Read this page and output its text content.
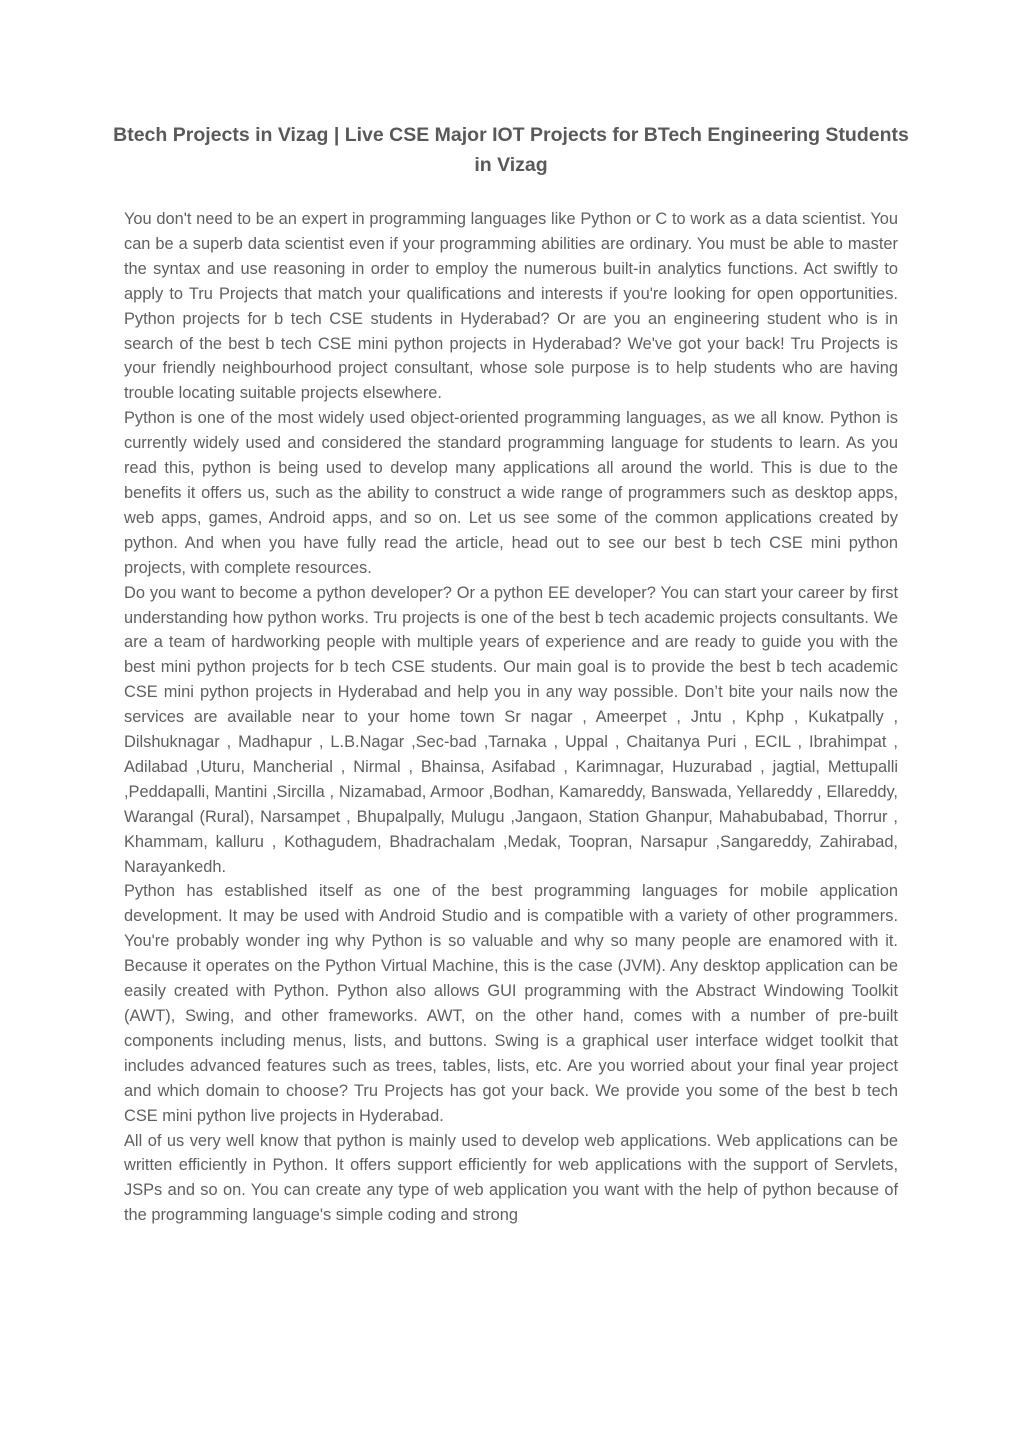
Btech Projects in Vizag | Live CSE Major IOT Projects for BTech Engineering Students in Vizag

You don't need to be an expert in programming languages like Python or C to work as a data scientist. You can be a superb data scientist even if your programming abilities are ordinary. You must be able to master the syntax and use reasoning in order to employ the numerous built-in analytics functions. Act swiftly to apply to Tru Projects that match your qualifications and interests if you're looking for open opportunities. Python projects for b tech CSE students in Hyderabad? Or are you an engineering student who is in search of the best b tech CSE mini python projects in Hyderabad? We've got your back! Tru Projects is your friendly neighbourhood project consultant, whose sole purpose is to help students who are having trouble locating suitable projects elsewhere.

Python is one of the most widely used object-oriented programming languages, as we all know. Python is currently widely used and considered the standard programming language for students to learn. As you read this, python is being used to develop many applications all around the world. This is due to the benefits it offers us, such as the ability to construct a wide range of programmers such as desktop apps, web apps, games, Android apps, and so on. Let us see some of the common applications created by python. And when you have fully read the article, head out to see our best b tech CSE mini python projects, with complete resources.

Do you want to become a python developer? Or a python EE developer? You can start your career by first understanding how python works. Tru projects is one of the best b tech academic projects consultants. We are a team of hardworking people with multiple years of experience and are ready to guide you with the best mini python projects for b tech CSE students. Our main goal is to provide the best b tech academic CSE mini python projects in Hyderabad and help you in any way possible. Don’t bite your nails now the services are available near to your home town Sr nagar , Ameerpet , Jntu , Kphp , Kukatpally , Dilshuknagar , Madhapur , L.B.Nagar ,Sec-bad ,Tarnaka , Uppal , Chaitanya Puri , ECIL , Ibrahimpat , Adilabad ,Uturu, Mancherial , Nirmal , Bhainsa, Asifabad , Karimnagar, Huzurabad , jagtial, Mettupalli ,Peddapalli, Mantini ,Sircilla , Nizamabad, Armoor ,Bodhan, Kamareddy, Banswada, Yellareddy , Ellareddy, Warangal (Rural), Narsampet , Bhupalpally, Mulugu ,Jangaon, Station Ghanpur, Mahabubabad, Thorrur , Khammam, kalluru , Kothagudem, Bhadrachalam ,Medak, Toopran, Narsapur ,Sangareddy, Zahirabad, Narayankedh.

Python has established itself as one of the best programming languages for mobile application development. It may be used with Android Studio and is compatible with a variety of other programmers. You're probably wonder ing why Python is so valuable and why so many people are enamored with it. Because it operates on the Python Virtual Machine, this is the case (JVM). Any desktop application can be easily created with Python. Python also allows GUI programming with the Abstract Windowing Toolkit (AWT), Swing, and other frameworks. AWT, on the other hand, comes with a number of pre-built components including menus, lists, and buttons. Swing is a graphical user interface widget toolkit that includes advanced features such as trees, tables, lists, etc. Are you worried about your final year project and which domain to choose? Tru Projects has got your back. We provide you some of the best b tech CSE mini python live projects in Hyderabad.

All of us very well know that python is mainly used to develop web applications. Web applications can be written efficiently in Python. It offers support efficiently for web applications with the support of Servlets, JSPs and so on. You can create any type of web application you want with the help of python because of the programming language's simple coding and strong
